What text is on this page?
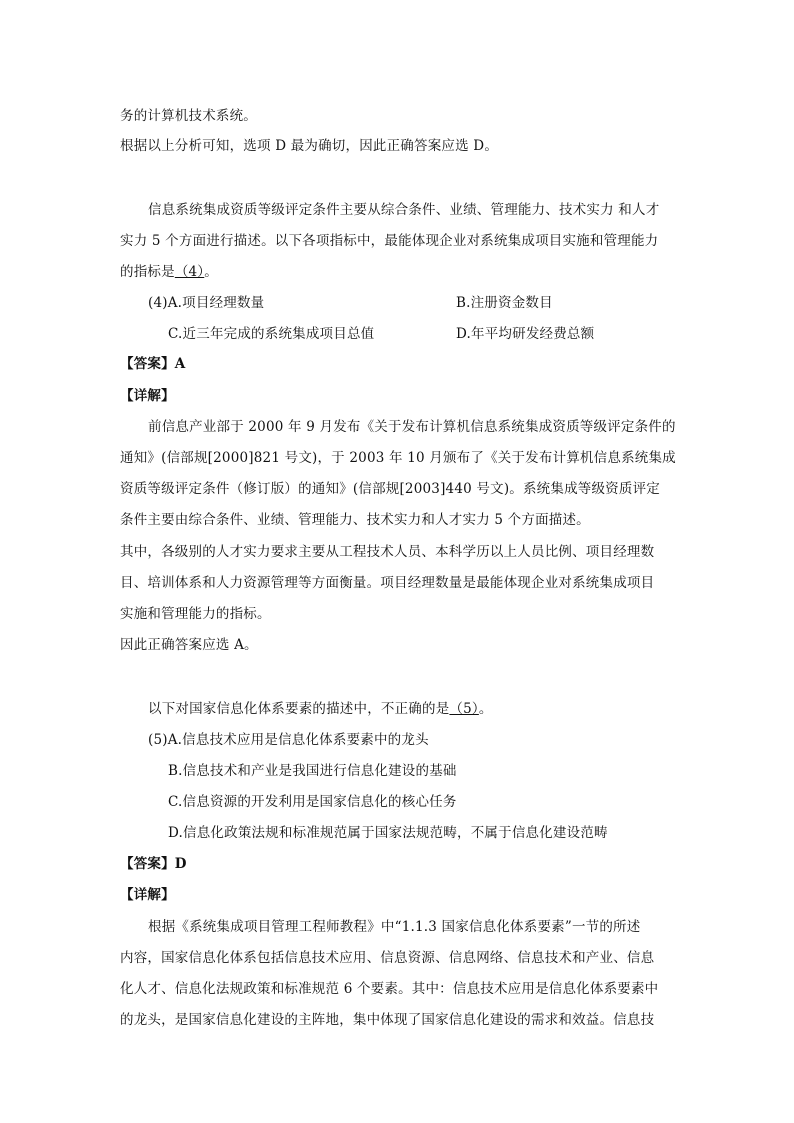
务的计算机技术系统。
根据以上分析可知，选项 D 最为确切，因此正确答案应选 D。
信息系统集成资质等级评定条件主要从综合条件、业绩、管理能力、技术实力 和人才
实力 5 个方面进行描述。以下各项指标中，最能体现企业对系统集成项目实施和管理能力
的指标是（4）。
(4)A.项目经理数量	B.注册资金数目
C.近三年完成的系统集成项目总值	D.年平均研发经费总额
【答案】A
【详解】
前信息产业部于 2000 年 9 月发布《关于发布计算机信息系统集成资质等级评定条件的
通知》(信部规[2000]821 号文)，于 2003 年 10 月颁布了《关于发布计算机信息系统集成
资质等级评定条件（修订版）的通知》(信部规[2003]440 号文)。系统集成等级资质评定
条件主要由综合条件、业绩、管理能力、技术实力和人才实力 5 个方面描述。
其中，各级别的人才实力要求主要从工程技术人员、本科学历以上人员比例、项目经理数
目、培训体系和人力资源管理等方面衡量。项目经理数量是最能体现企业对系统集成项目
实施和管理能力的指标。
因此正确答案应选 A。
以下对国家信息化体系要素的描述中，不正确的是（5）。
(5)A.信息技术应用是信息化体系要素中的龙头
B.信息技术和产业是我国进行信息化建设的基础
C.信息资源的开发利用是国家信息化的核心任务
D.信息化政策法规和标准规范属于国家法规范畴，不属于信息化建设范畴
【答案】D
【详解】
根据《系统集成项目管理工程师教程》中“1.1.3 国家信息化体系要素”一节的所述
内容，国家信息化体系包括信息技术应用、信息资源、信息网络、信息技术和产业、信息
化人才、信息化法规政策和标准规范 6 个要素。其中：信息技术应用是信息化体系要素中
的龙头，是国家信息化建设的主阵地，集中体现了国家信息化建设的需求和效益。信息技
